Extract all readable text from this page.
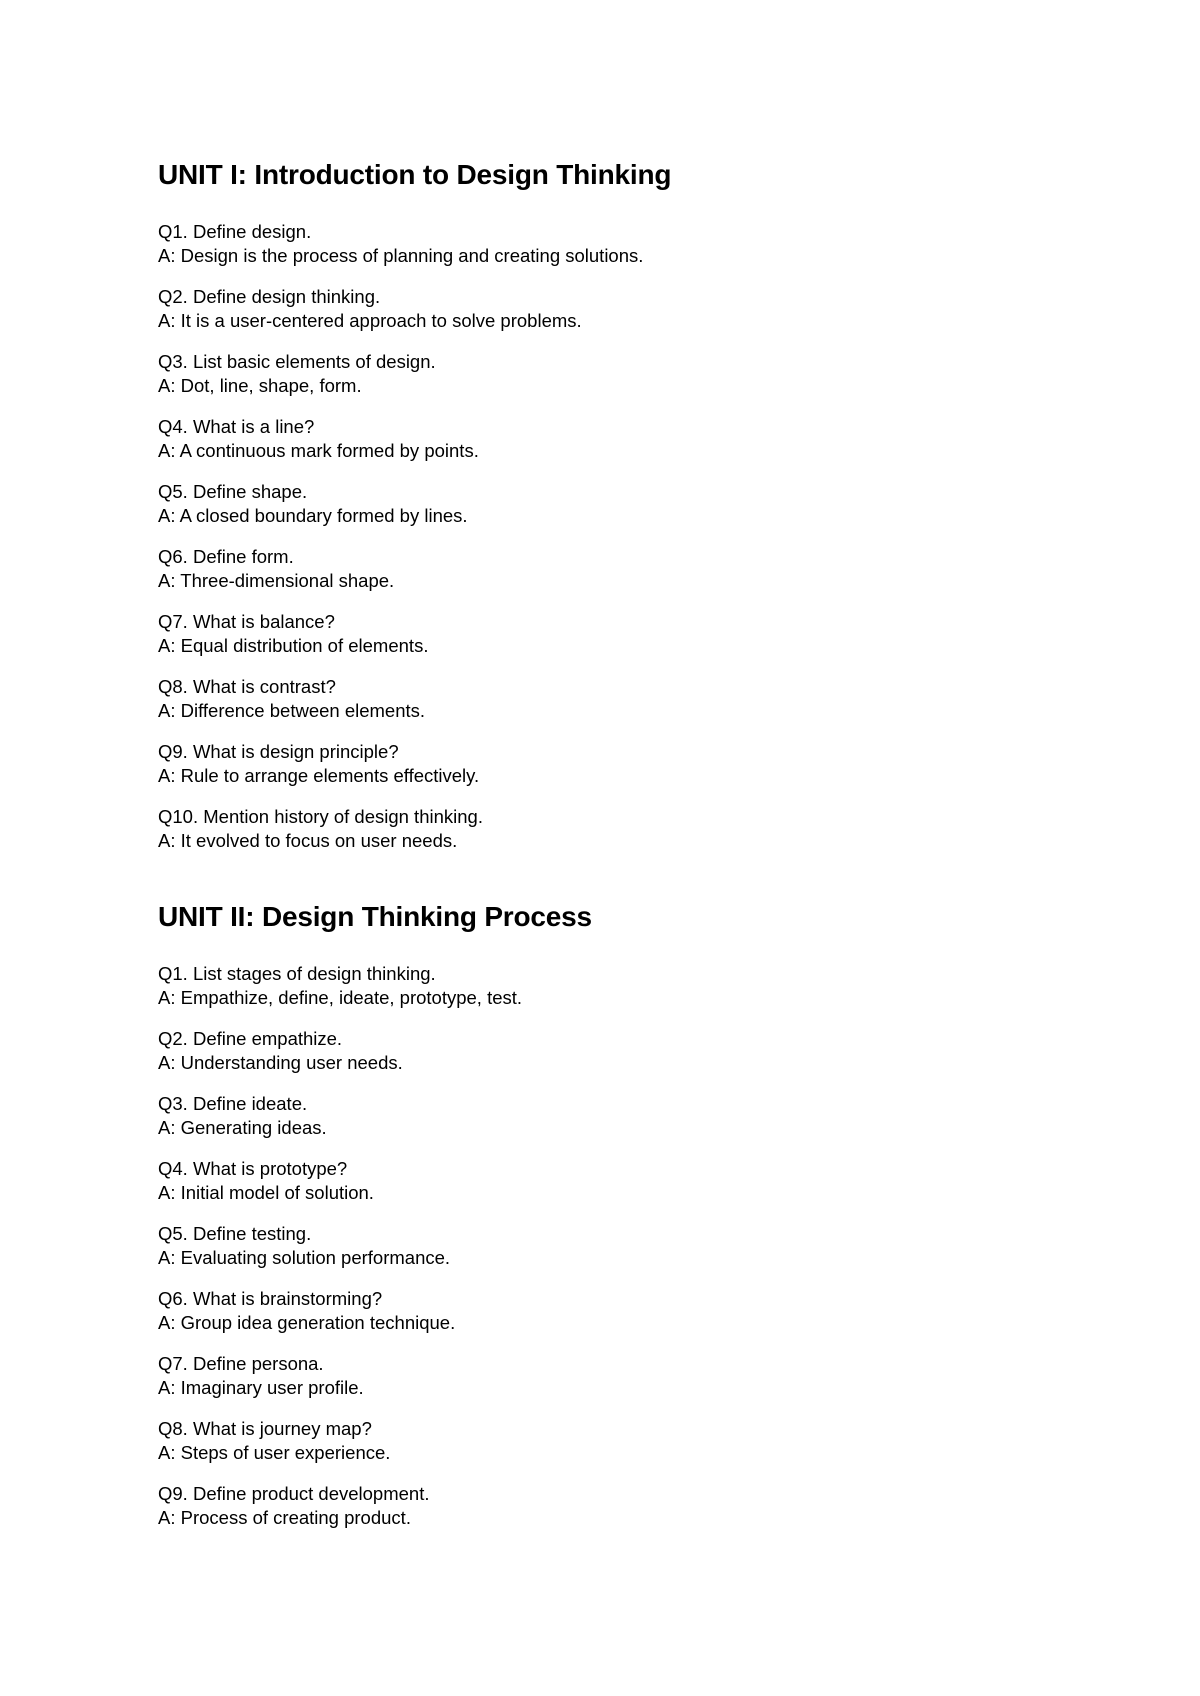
UNIT I: Introduction to Design Thinking
Q1. Define design.
A: Design is the process of planning and creating solutions.
Q2. Define design thinking.
A: It is a user-centered approach to solve problems.
Q3. List basic elements of design.
A: Dot, line, shape, form.
Q4. What is a line?
A: A continuous mark formed by points.
Q5. Define shape.
A: A closed boundary formed by lines.
Q6. Define form.
A: Three-dimensional shape.
Q7. What is balance?
A: Equal distribution of elements.
Q8. What is contrast?
A: Difference between elements.
Q9. What is design principle?
A: Rule to arrange elements effectively.
Q10. Mention history of design thinking.
A: It evolved to focus on user needs.
UNIT II: Design Thinking Process
Q1. List stages of design thinking.
A: Empathize, define, ideate, prototype, test.
Q2. Define empathize.
A: Understanding user needs.
Q3. Define ideate.
A: Generating ideas.
Q4. What is prototype?
A: Initial model of solution.
Q5. Define testing.
A: Evaluating solution performance.
Q6. What is brainstorming?
A: Group idea generation technique.
Q7. Define persona.
A: Imaginary user profile.
Q8. What is journey map?
A: Steps of user experience.
Q9. Define product development.
A: Process of creating product.
